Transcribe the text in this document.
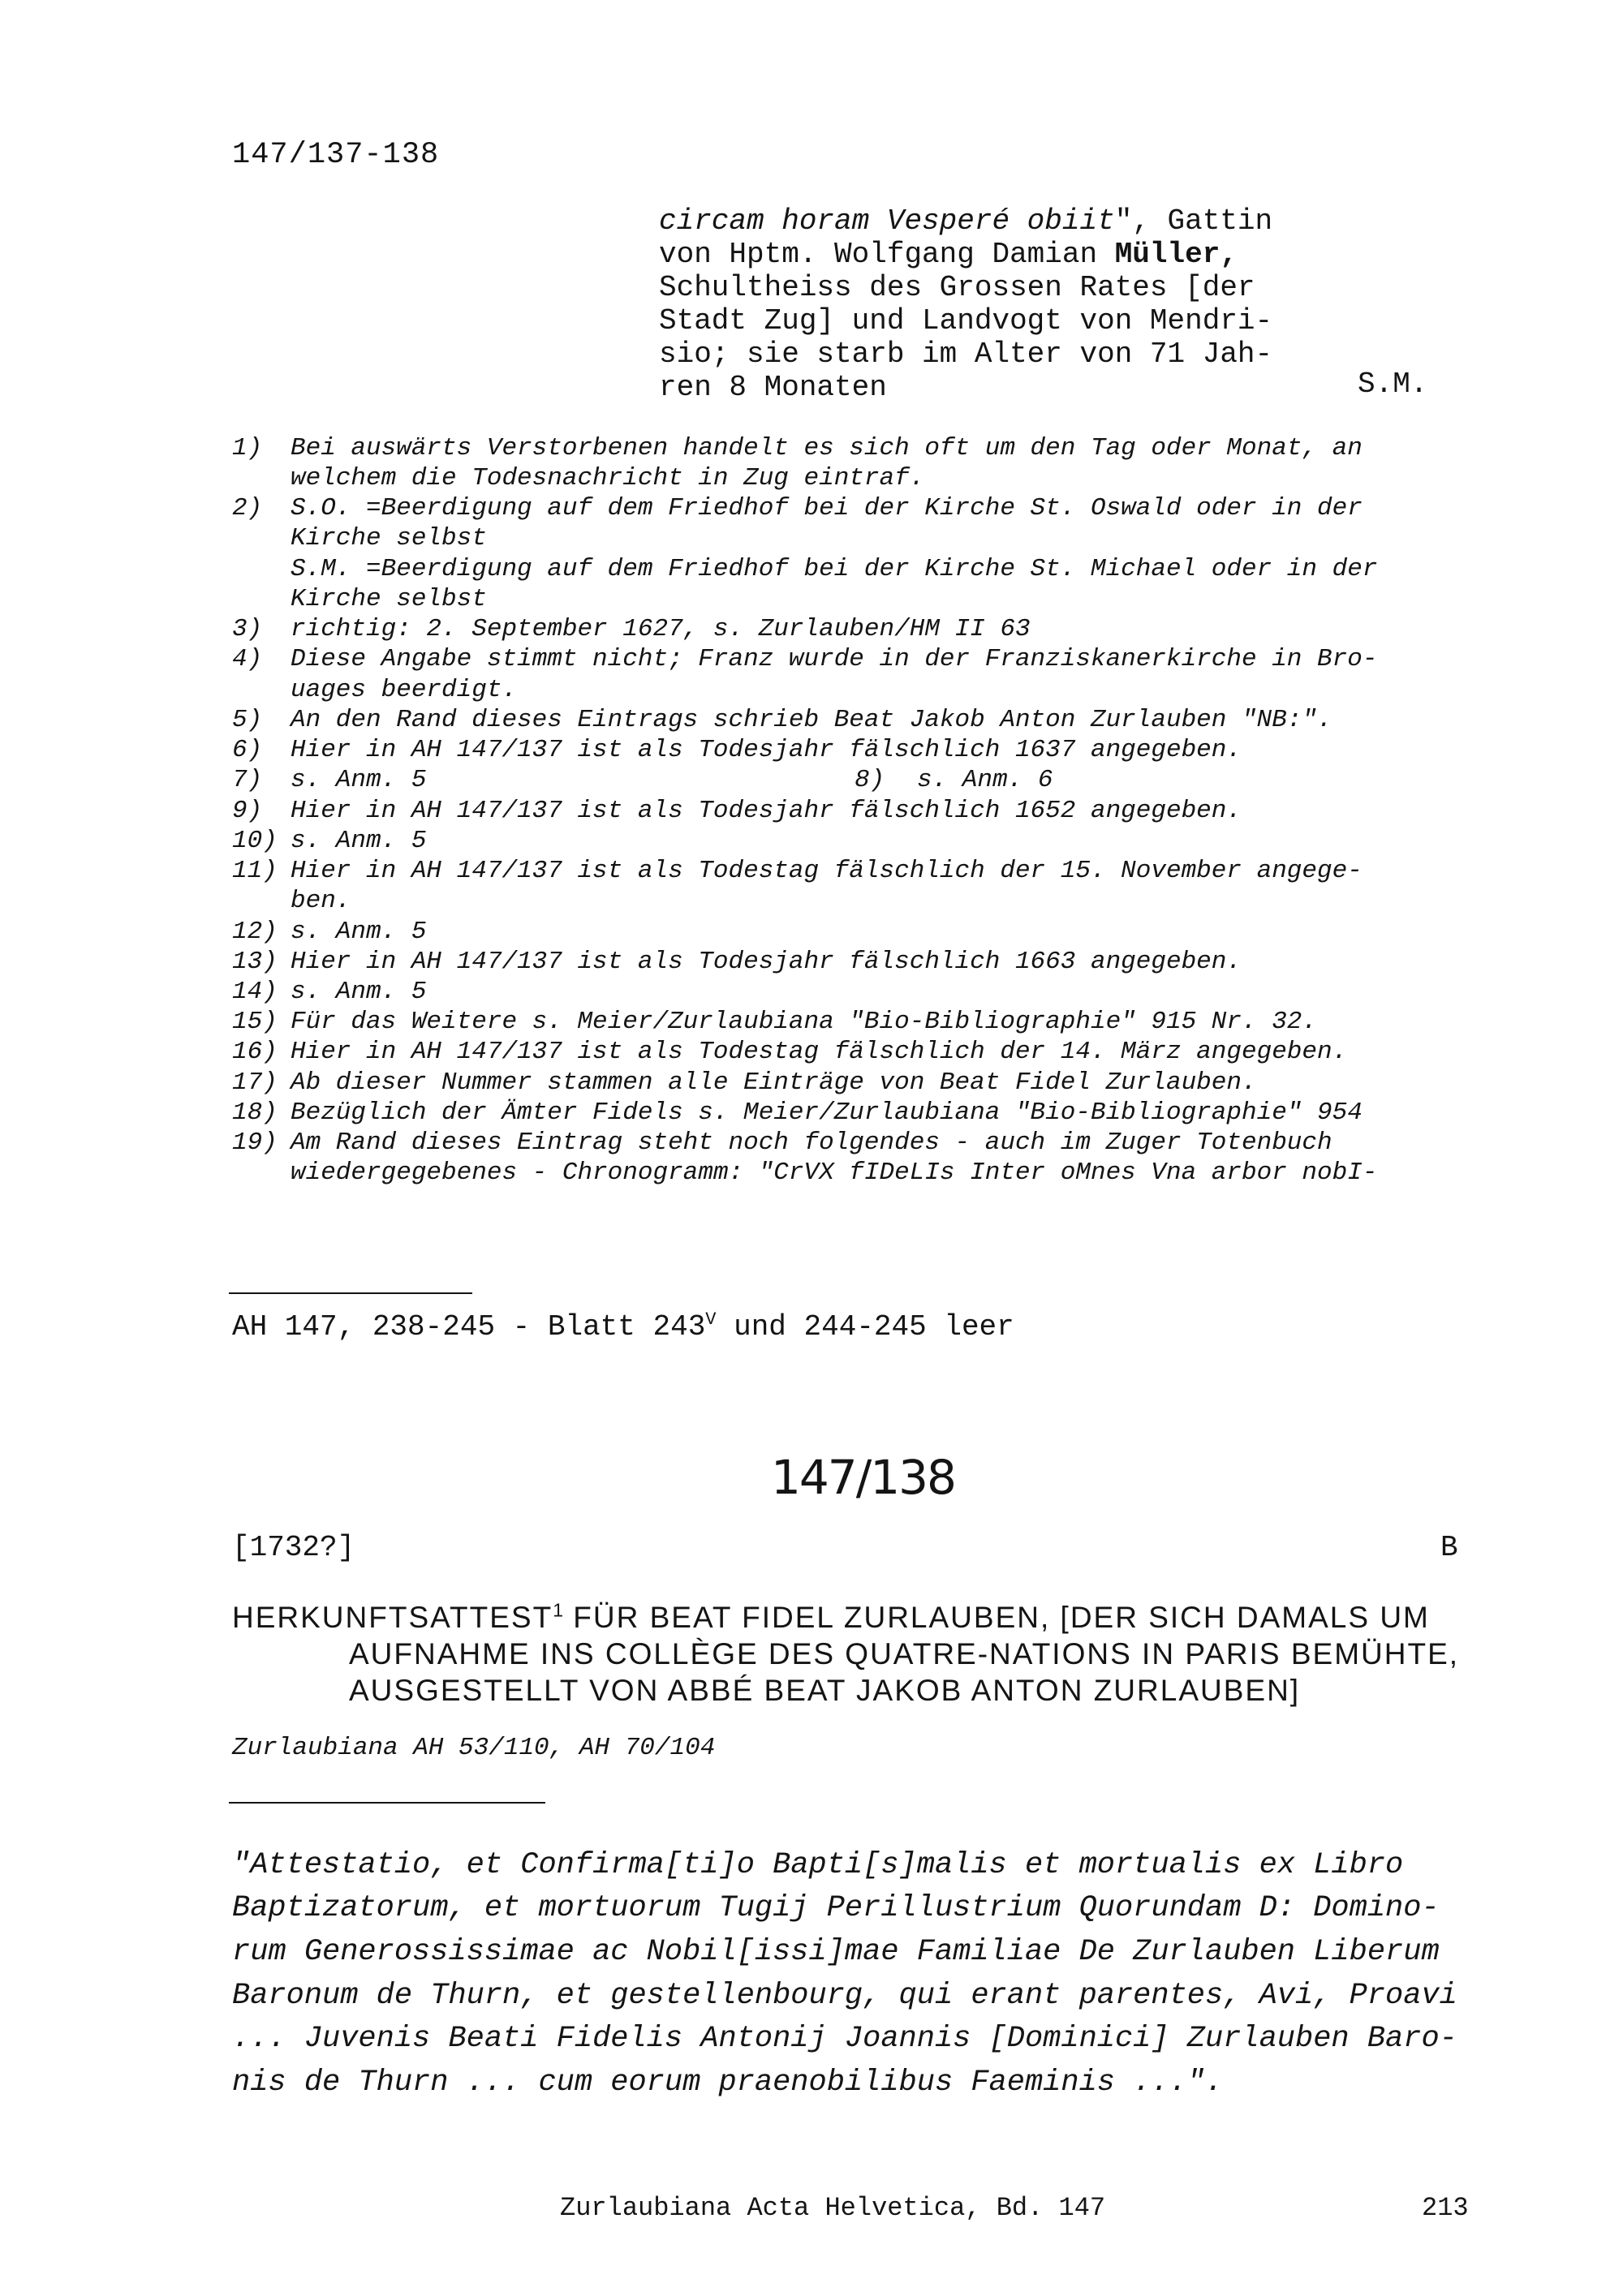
147/137-138
circam horam Vesperé obiit", Gattin
von Hptm. Wolfgang Damian Müller,
Schultheiss des Grossen Rates [der
Stadt Zug] und Landvogt von Mendri-
sio; sie starb im Alter von 71 Jah-
ren 8 Monaten	S.M.
1) Bei auswärts Verstorbenen handelt es sich oft um den Tag oder Monat, an
welchem die Todesnachricht in Zug eintraf.
2) S.O. =Beerdigung auf dem Friedhof bei der Kirche St. Oswald oder in der
Kirche selbst
S.M. =Beerdigung auf dem Friedhof bei der Kirche St. Michael oder in der
Kirche selbst
3) richtig: 2. September 1627, s. Zurlauben/HM II 63
4) Diese Angabe stimmt nicht; Franz wurde in der Franziskanerkirche in Bro-
uages beerdigt.
5) An den Rand dieses Eintrags schrieb Beat Jakob Anton Zurlauben "NB:".
6) Hier in AH 147/137 ist als Todesjahr fälschlich 1637 angegeben.
7) s. Anm. 5	8) s. Anm. 6
9) Hier in AH 147/137 ist als Todesjahr fälschlich 1652 angegeben.
10) s. Anm. 5
11) Hier in AH 147/137 ist als Todestag fälschlich der 15. November angege-
ben.
12) s. Anm. 5
13) Hier in AH 147/137 ist als Todesjahr fälschlich 1663 angegeben.
14) s. Anm. 5
15) Für das Weitere s. Meier/Zurlaubiana "Bio-Bibliographie" 915 Nr. 32.
16) Hier in AH 147/137 ist als Todestag fälschlich der 14. März angegeben.
17) Ab dieser Nummer stammen alle Einträge von Beat Fidel Zurlauben.
18) Bezüglich der Ämter Fidels s. Meier/Zurlaubiana "Bio-Bibliographie" 954
19) Am Rand dieses Eintrag steht noch folgendes - auch im Zuger Totenbuch
wiedergegebenes - Chronogramm: "CrVX fIDeLIs Inter oMnes Vna arbor nobI-
AH 147, 238-245 - Blatt $243^V$ und 244-245 leer
147/138
[1732?]	B
HERKUNFTSATTEST$^1$ FÜR BEAT FIDEL ZURLAUBEN, [DER SICH DAMALS UM
AUFNAHME INS COLLÈGE DES QUATRE-NATIONS IN PARIS BEMÜHTE,
AUSGESTELLT VON ABBÉ BEAT JAKOB ANTON ZURLAUBEN]
Zurlaubiana AH 53/110, AH 70/104
"Attestatio, et Confirma[ti]o Bapti[s]malis et mortualis ex Libro
Baptizatorum, et mortuorum Tugij Perillustrium Quorundam D: Domino-
rum Generossissimae ac Nobil[issi]mae Familiae De Zurlauben Liberum
Baronum de Thurn, et gestellenbourg, qui erant parentes, Avi, Proavi
... Juvenis Beati Fidelis Antonij Joannis [Dominici] Zurlauben Baro-
nis de Thurn ... cum eorum praenobilibus Faeminis ...".
Zurlaubiana Acta Helvetica, Bd. 147	213
